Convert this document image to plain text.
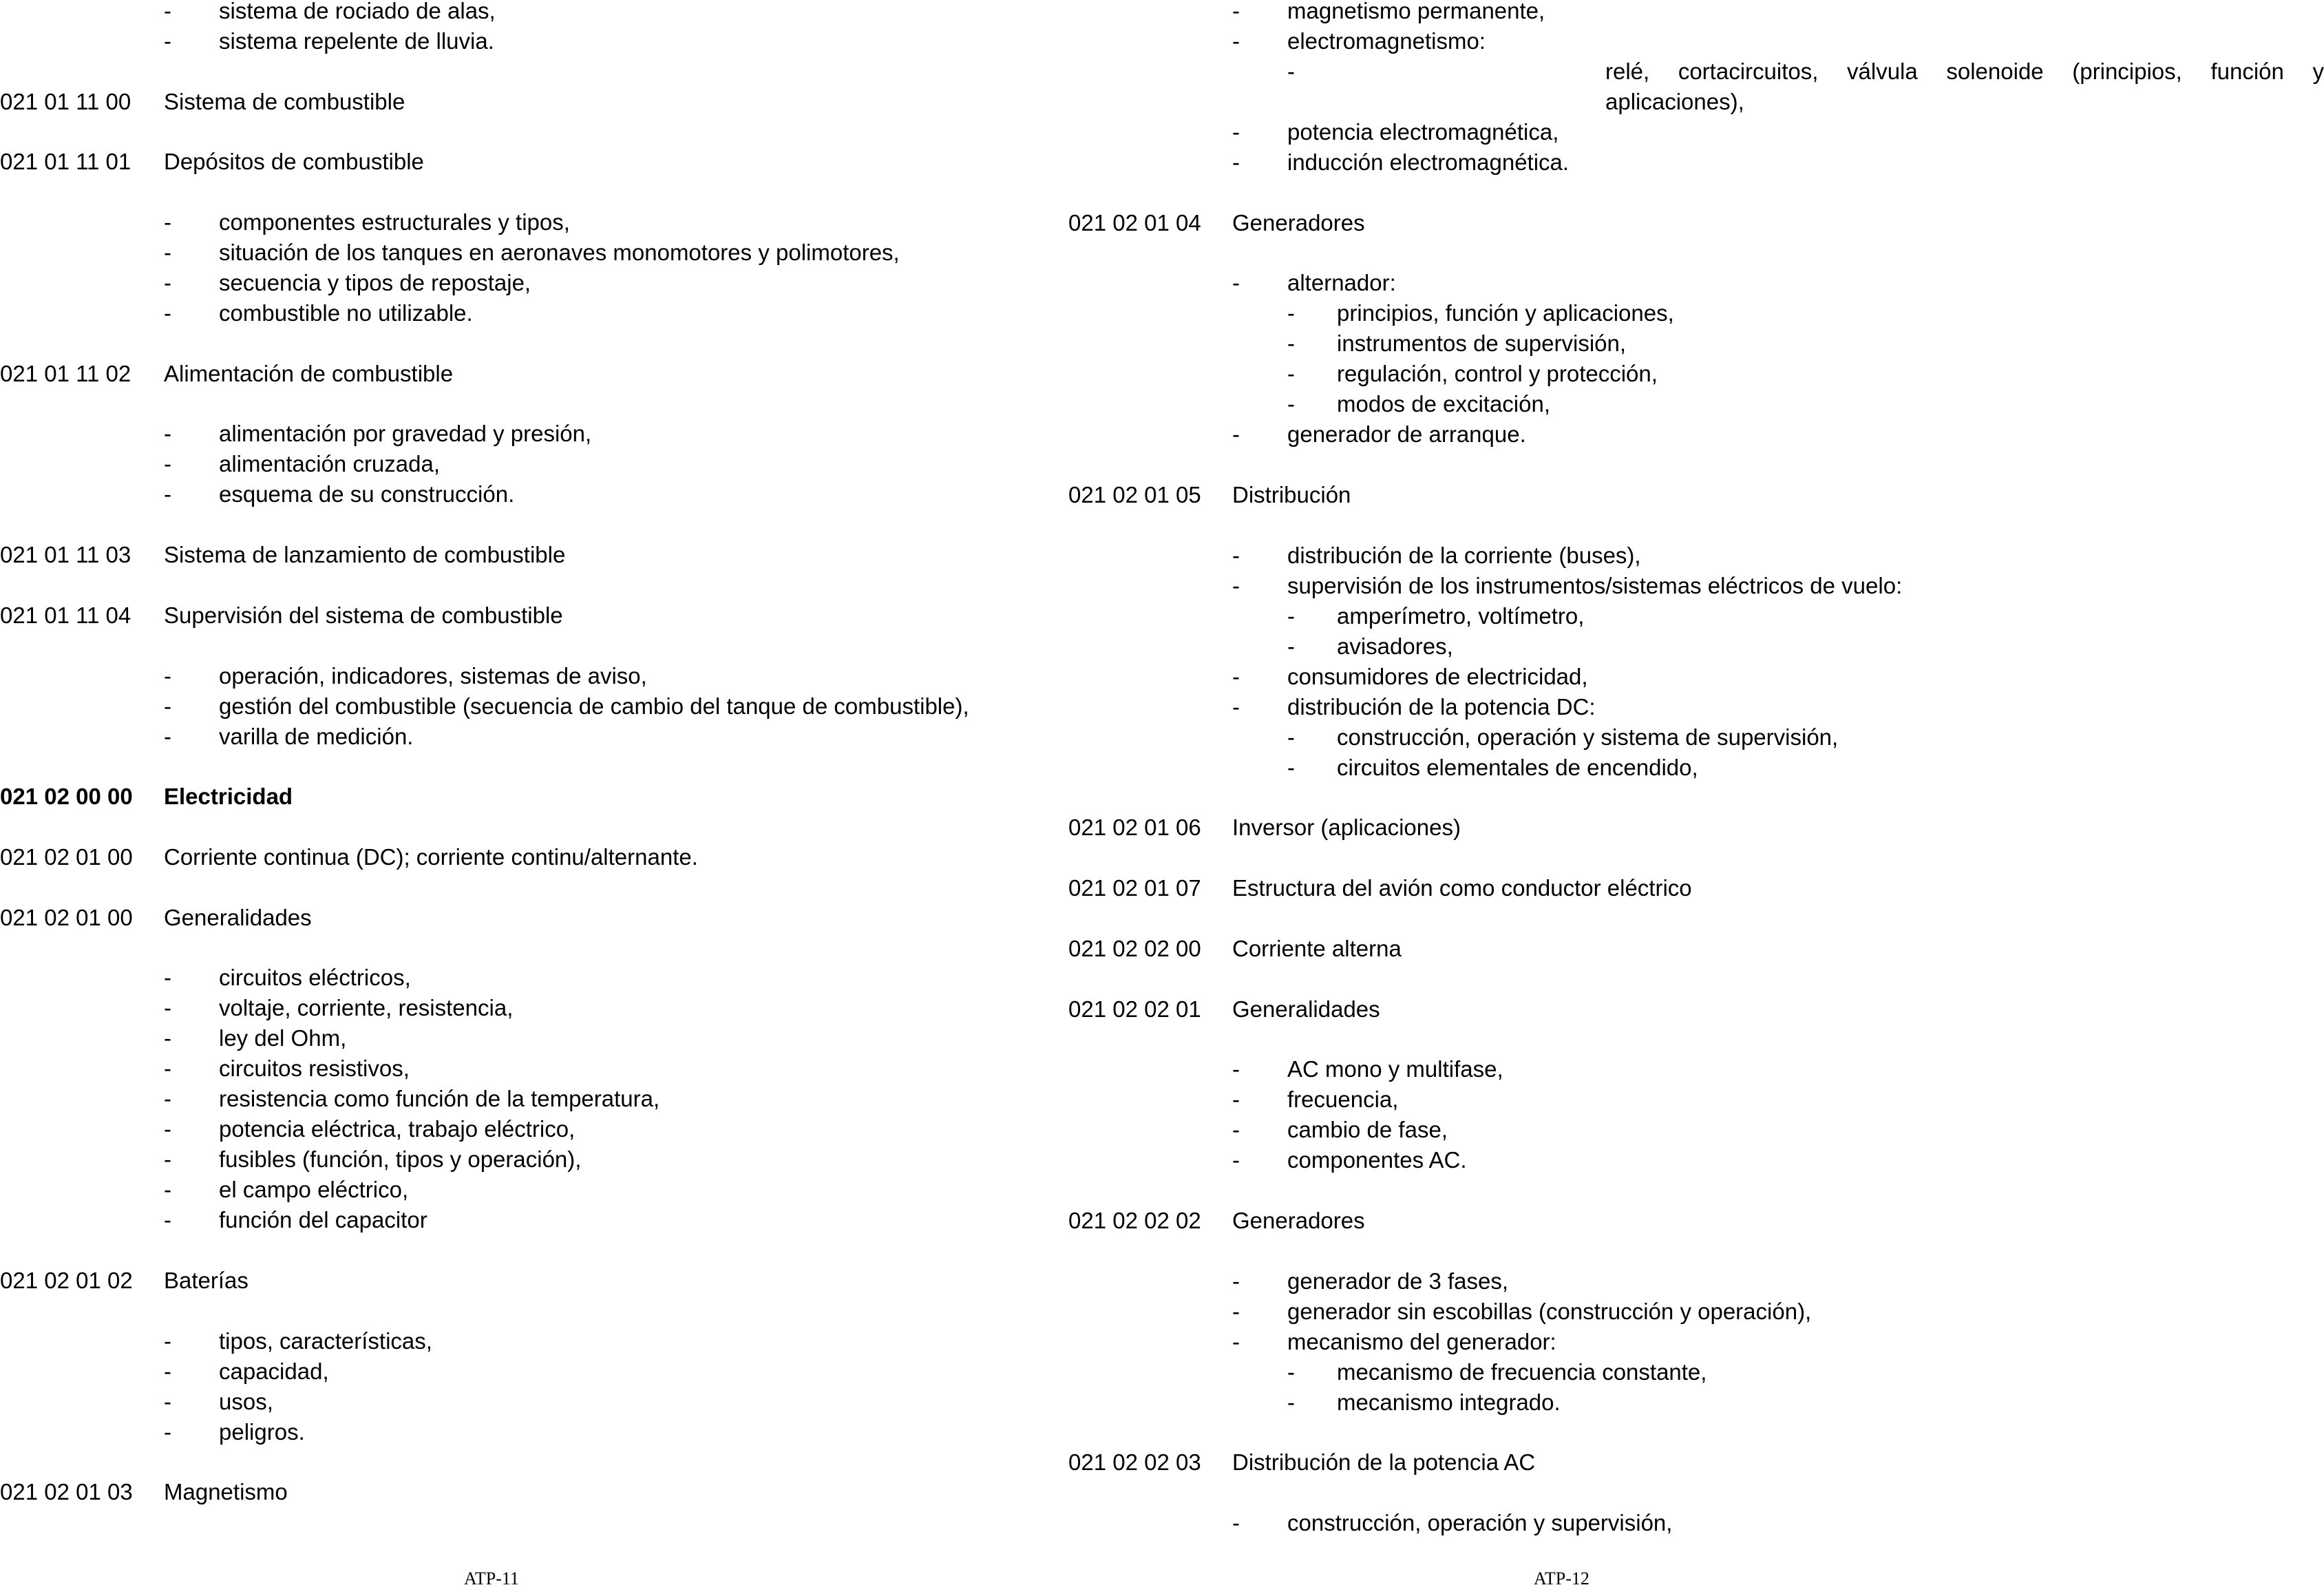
- sistema de rociado de alas,
- sistema repelente de lluvia.
021 01 11 00 Sistema de combustible
021 01 11 01 Depósitos de combustible
- componentes estructurales y tipos,
- situación de los tanques en aeronaves monomotores y polimotores,
- secuencia y tipos de repostaje,
- combustible no utilizable.
021 01 11 02 Alimentación de combustible
- alimentación por gravedad y presión,
- alimentación cruzada,
- esquema de su construcción.
021 01 11 03 Sistema de lanzamiento de combustible
021 01 11 04 Supervisión del sistema de combustible
- operación, indicadores, sistemas de aviso,
- gestión del combustible (secuencia de cambio del tanque de combustible),
- varilla de medición.
021 02 00 00 Electricidad
021 02 01 00 Corriente continua (DC); corriente continu/alternante.
021 02 01 00 Generalidades
- circuitos eléctricos,
- voltaje, corriente, resistencia,
- ley del Ohm,
- circuitos resistivos,
- resistencia como función de la temperatura,
- potencia eléctrica, trabajo eléctrico,
- fusibles (función, tipos y operación),
- el campo eléctrico,
- función del capacitor
021 02 01 02 Baterías
- tipos, características,
- capacidad,
- usos,
- peligros.
021 02 01 03 Magnetismo
- magnetismo permanente,
- electromagnetismo:
-	relé, cortacircuitos, válvula solenoide (principios, función y aplicaciones),
- potencia electromagnética,
- inducción electromagnética.
021 02 01 04 Generadores
- alternador:
- principios, función y aplicaciones,
- instrumentos de supervisión,
- regulación, control y protección,
- modos de excitación,
- generador de arranque.
021 02 01 05 Distribución
- distribución de la corriente (buses),
- supervisión de los instrumentos/sistemas eléctricos de vuelo:
- amperímetro, voltímetro,
- avisadores,
- consumidores de electricidad,
- distribución de la potencia DC:
- construcción, operación y sistema de supervisión,
- circuitos elementales de encendido,
021 02 01 06 Inversor (aplicaciones)
021 02 01 07 Estructura del avión como conductor eléctrico
021 02 02 00 Corriente alterna
021 02 02 01 Generalidades
- AC mono y multifase,
- frecuencia,
- cambio de fase,
- componentes AC.
021 02 02 02 Generadores
- generador de 3 fases,
- generador sin escobillas (construcción y operación),
- mecanismo del generador:
- mecanismo de frecuencia constante,
- mecanismo integrado.
021 02 02 03 Distribución de la potencia AC
- construcción, operación y supervisión,
ATP-11	ATP-12
